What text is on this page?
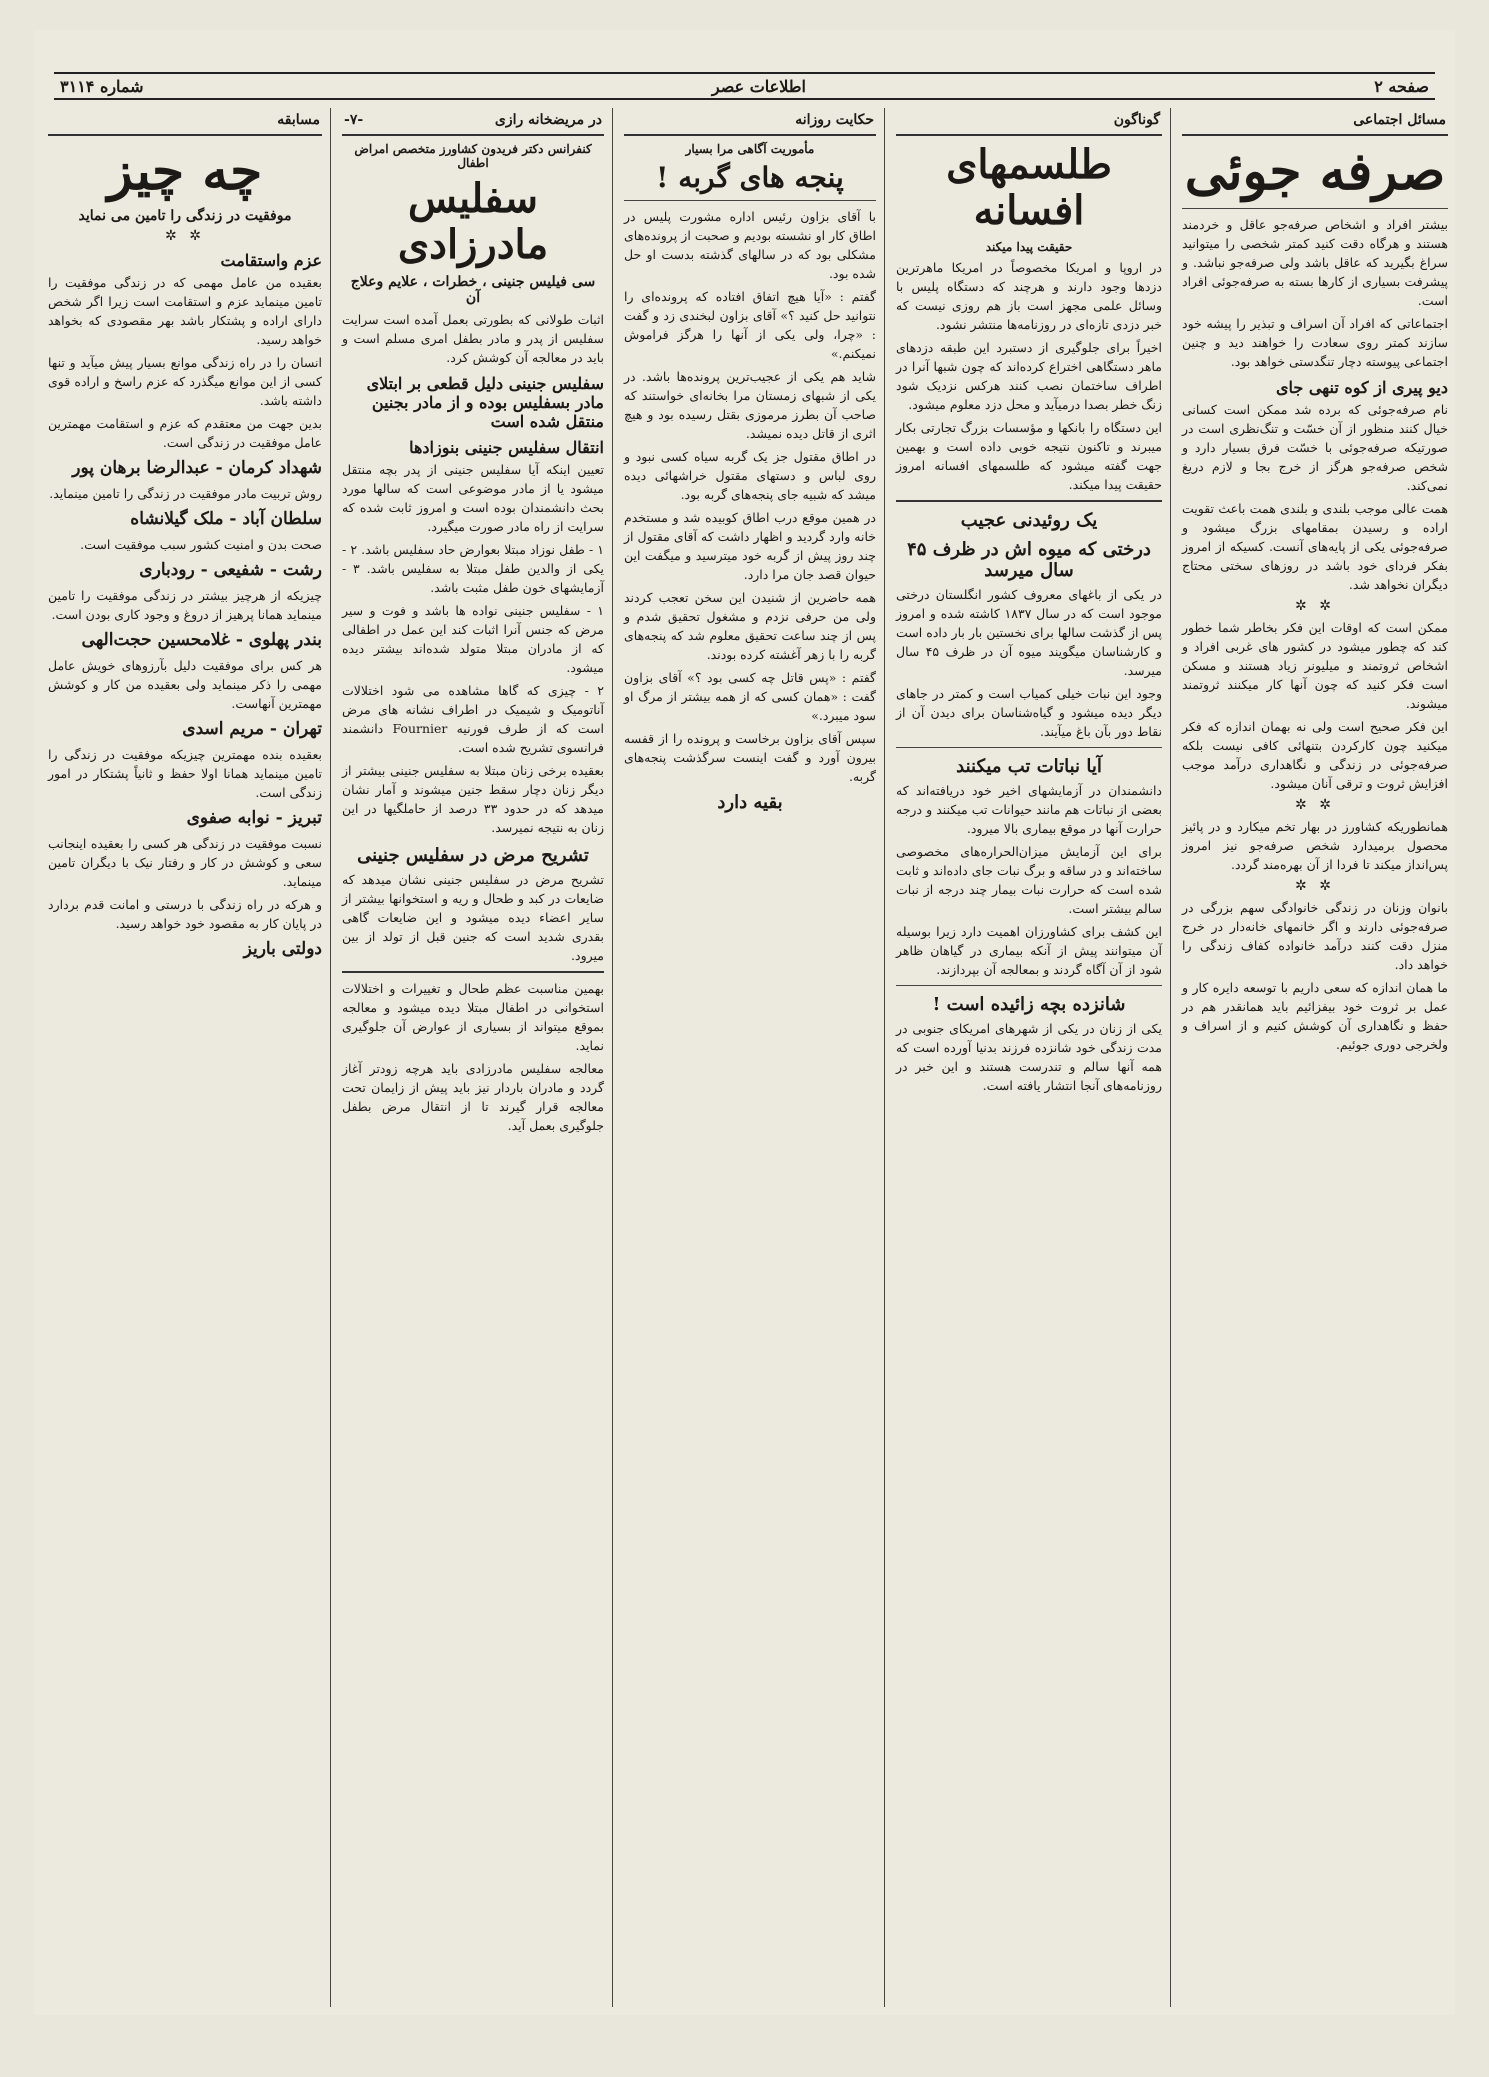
صفحه ۲
اطلاعات عصر
شماره ۳۱۱۴
مسائل اجتماعی
صرفه جوئی

بیشتر افراد و اشخاص صرفه‌جو عاقل و خردمند هستند و هرگاه دقت کنید کمتر شخصی را میتوانید سراغ بگیرید که عاقل باشد ولی صرفه‌جو نباشد. و پیشرفت بسیاری از کارها بسته به صرفه‌جوئی افراد است.

اجتماعاتی که افراد آن اسراف و تبذیر را پیشه خود سازند کمتر روی سعادت را خواهند دید و چنین اجتماعی پیوسته دچار تنگدستی خواهد بود.

دیو پیری از کوه تنهی جای

نام صرفه‌جوئی که برده شد ممکن است کسانی خیال کنند منظور از آن خسّت و تنگ‌نظری است در صورتیکه صرفه‌جوئی با خسّت فرق بسیار دارد و شخص صرفه‌جو هرگز از خرج بجا و لازم دریغ نمی‌کند.

همت عالی موجب بلندی و بلندی همت باعث تقویت اراده و رسیدن بمقامهای بزرگ میشود و صرفه‌جوئی یکی از پایه‌های آنست. کسیکه از امروز بفکر فردای خود باشد در روزهای سختی محتاج دیگران نخواهد شد.

✲ ✲

ممکن است که اوقات این فکر بخاطر شما خطور کند که چطور میشود در کشور های غربی افراد و اشخاص ثروتمند و میلیونر زیاد هستند و مسکن است فکر کنید که چون آنها کار میکنند ثروتمند میشوند.

این فکر صحیح است ولی نه بهمان اندازه که فکر میکنید چون کارکردن بتنهائی کافی نیست بلکه صرفه‌جوئی در زندگی و نگاهداری درآمد موجب افزایش ثروت و ترقی آنان میشود.

✲ ✲

همانطوریکه کشاورز در بهار تخم میکارد و در پائیز محصول برمیدارد شخص صرفه‌جو نیز امروز پس‌انداز میکند تا فردا از آن بهره‌مند گردد.

✲ ✲

بانوان وزنان در زندگی خانوادگی سهم بزرگی در صرفه‌جوئی دارند و اگر خانمهای خانه‌دار در خرج منزل دقت کنند درآمد خانواده کفاف زندگی را خواهد داد.

ما همان اندازه که سعی داریم با توسعه دایره کار و عمل بر ثروت خود بیفزائیم باید همانقدر هم در حفظ و نگاهداری آن کوشش کنیم و از اسراف و ولخرجی دوری جوئیم.

گوناگون
طلسمهای افسانه
حقیقت پیدا میکند

در اروپا و امریکا مخصوصاً در امریکا ماهرترین دزدها وجود دارند و هرچند که دستگاه پلیس با وسائل علمی مجهز است باز هم روزی نیست که خبر دزدی تازه‌ای در روزنامه‌ها منتشر نشود.

اخیراً برای جلوگیری از دستبرد این طبقه دزدهای ماهر دستگاهی اختراع کرده‌اند که چون شبها آنرا در اطراف ساختمان نصب کنند هرکس نزدیک شود زنگ خطر بصدا درمیآید و محل دزد معلوم میشود.

این دستگاه را بانکها و مؤسسات بزرگ تجارتی بکار میبرند و تاکنون نتیجه خوبی داده است و بهمین جهت گفته میشود که طلسمهای افسانه امروز حقیقت پیدا میکند.

یک روئیدنی عجیب
درختی که میوه اش در ظرف ۴۵ سال میرسد

در یکی از باغهای معروف کشور انگلستان درختی موجود است که در سال ۱۸۳۷ کاشته شده و امروز پس از گذشت سالها برای نخستین بار بار داده است و کارشناسان میگویند میوه آن در ظرف ۴۵ سال میرسد.

وجود این نبات خیلی کمیاب است و کمتر در جاهای دیگر دیده میشود و گیاه‌شناسان برای دیدن آن از نقاط دور بآن باغ میآیند.

آیا نباتات تب میکنند

دانشمندان در آزمایشهای اخیر خود دریافته‌اند که بعضی از نباتات هم مانند حیوانات تب میکنند و درجه حرارت آنها در موقع بیماری بالا میرود.

برای این آزمایش میزان‌الحراره‌های مخصوصی ساخته‌اند و در ساقه و برگ نبات جای داده‌اند و ثابت شده است که حرارت نبات بیمار چند درجه از نبات سالم بیشتر است.

این کشف برای کشاورزان اهمیت دارد زیرا بوسیله آن میتوانند پیش از آنکه بیماری در گیاهان ظاهر شود از آن آگاه گردند و بمعالجه آن بپردازند.

شانزده بچه زائیده است !

یکی از زنان در یکی از شهرهای امریکای جنوبی در مدت زندگی خود شانزده فرزند بدنیا آورده است که همه آنها سالم و تندرست هستند و این خبر در روزنامه‌های آنجا انتشار یافته است.

حکایت روزانه
مأموریت آگاهی مرا بسیار
پنجه های گربه !

با آقای بزاون رئیس اداره مشورت پلیس در اطاق کار او نشسته بودیم و صحبت از پرونده‌های مشکلی بود که در سالهای گذشته بدست او حل شده بود.

گفتم : «آیا هیچ اتفاق افتاده که پرونده‌ای را نتوانید حل کنید ؟» آقای بزاون لبخندی زد و گفت : «چرا، ولی یکی از آنها را هرگز فراموش نمیکنم.»

شاید هم یکی از عجیب‌ترین پرونده‌ها باشد. در یکی از شبهای زمستان مرا بخانه‌ای خواستند که صاحب آن بطرز مرموزی بقتل رسیده بود و هیچ اثری از قاتل دیده نمیشد.

در اطاق مقتول جز یک گربه سیاه کسی نبود و روی لباس و دستهای مقتول خراشهائی دیده میشد که شبیه جای پنجه‌های گربه بود.

در همین موقع درب اطاق کوبیده شد و مستخدم خانه وارد گردید و اظهار داشت که آقای مقتول از چند روز پیش از گربه خود میترسید و میگفت این حیوان قصد جان مرا دارد.

همه حاضرین از شنیدن این سخن تعجب کردند ولی من حرفی نزدم و مشغول تحقیق شدم و پس از چند ساعت تحقیق معلوم شد که پنجه‌های گربه را با زهر آغشته کرده بودند.

گفتم : «پس قاتل چه کسی بود ؟» آقای بزاون گفت : «همان کسی که از همه بیشتر از مرگ او سود میبرد.»

سپس آقای بزاون برخاست و پرونده را از قفسه بیرون آورد و گفت اینست سرگذشت پنجه‌های گربه.

بقیه دارد
در مریضخانه رازی
-۷-
کنفرانس دکتر فریدون کشاورز متخصص امراض اطفال
سفلیس مادرزادی
سی فیلیس جنینی ، خطرات ، علایم وعلاج آن

اثبات طولانی که بطورتی بعمل آمده است سرایت سفلیس از پدر و مادر بطفل امری مسلم است و باید در معالجه آن کوشش کرد.

سفلیس جنینی دلیل قطعی بر ابتلای مادر بسفلیس بوده و از مادر بجنین منتقل شده است
انتقال سفلیس جنینی بنوزادها

تعیین اینکه آیا سفلیس جنینی از پدر بچه منتقل میشود یا از مادر موضوعی است که سالها مورد بحث دانشمندان بوده است و امروز ثابت شده که سرایت از راه مادر صورت میگیرد.

۱ - طفل نوزاد مبتلا بعوارض حاد سفلیس باشد. ۲ - یکی از والدین طفل مبتلا به سفلیس باشد. ۳ - آزمایشهای خون طفل مثبت باشد.

۱ - سفلیس جنینی نواده ها باشد و فوت و سیر مرض که جنس آنرا اثبات کند این عمل در اطفالی که از مادران مبتلا متولد شده‌اند بیشتر دیده میشود.

۲ - چیزی که گاها مشاهده می شود اختلالات آناتومیک و شیمیک در اطراف نشانه های مرض است که از طرف فورنیه Fournier دانشمند فرانسوی تشریح شده است.

بعقیده برخی زنان مبتلا به سفلیس جنینی بیشتر از دیگر زنان دچار سقط جنین میشوند و آمار نشان میدهد که در حدود ۳۳ درصد از حاملگیها در این زنان به نتیجه نمیرسد.

تشریح مرض در سفلیس جنینی

تشریح مرض در سفلیس جنینی نشان میدهد که ضایعات در کبد و طحال و ریه و استخوانها بیشتر از سایر اعضاء دیده میشود و این ضایعات گاهی بقدری شدید است که جنین قبل از تولد از بین میرود.

بهمین مناسبت عظم طحال و تغییرات و اختلالات استخوانی در اطفال مبتلا دیده میشود و معالجه بموقع میتواند از بسیاری از عوارض آن جلوگیری نماید.

معالجه سفلیس مادرزادی باید هرچه زودتر آغاز گردد و مادران باردار نیز باید پیش از زایمان تحت معالجه قرار گیرند تا از انتقال مرض بطفل جلوگیری بعمل آید.

مسابقه
چه چیز
موفقیت در زندگی را تامین می نماید
✲ ✲
عزم واستقامت

بعقیده من عامل مهمی که در زندگی موفقیت را تامین مینماید عزم و استقامت است زیرا اگر شخص دارای اراده و پشتکار باشد بهر مقصودی که بخواهد خواهد رسید.

انسان را در راه زندگی موانع بسیار پیش میآید و تنها کسی از این موانع میگذرد که عزم راسخ و اراده قوی داشته باشد.

بدین جهت من معتقدم که عزم و استقامت مهمترین عامل موفقیت در زندگی است.

شهداد کرمان - عبدالرضا برهان پور

روش تربیت مادر موفقیت در زندگی را تامین مینماید.

سلطان آباد - ملک گیلانشاه

صحت بدن و امنیت کشور سبب موفقیت است.

رشت - شفیعی - رودباری

چیزیکه از هرچیز بیشتر در زندگی موفقیت را تامین مینماید همانا پرهیز از دروغ و وجود کاری بودن است.

بندر پهلوی - غلامحسین حجت‌الهی

هر کس برای موفقیت دلیل بآرزوهای خویش عامل مهمی را ذکر مینماید ولی بعقیده من کار و کوشش مهمترین آنهاست.

تهران - مریم اسدی

بعقیده بنده مهمترین چیزیکه موفقیت در زندگی را تامین مینماید همانا اولا حفظ و ثانیاً پشتکار در امور زندگی است.

تبریز - نوابه صفوی

نسبت موفقیت در زندگی هر کسی را بعقیده اینجانب سعی و کوشش در کار و رفتار نیک با دیگران تامین مینماید.

و هرکه در راه زندگی با درستی و امانت قدم بردارد در پایان کار به مقصود خود خواهد رسید.

دولتی باریز
